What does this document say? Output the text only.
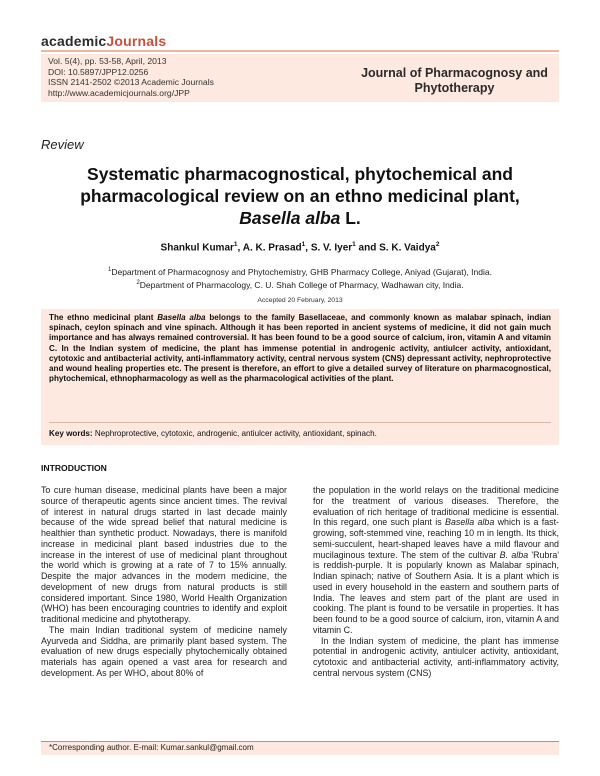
academicJournals
Vol. 5(4), pp. 53-58, April, 2013
DOI: 10.5897/JPP12.0256
ISSN 2141-2502 ©2013 Academic Journals
http://www.academicjournals.org/JPP
Journal of Pharmacognosy and Phytotherapy
Review
Systematic pharmacognostical, phytochemical and
pharmacological review on an ethno medicinal plant,
Basella alba L.
Shankul Kumar$^1$, A. K. Prasad$^1$, S. V. Iyer$^1$ and S. K. Vaidya$^2$
$^1$Department of Pharmacognosy and Phytochemistry, GHB Pharmacy College, Aniyad (Gujarat), India.
$^2$Department of Pharmacology, C. U. Shah College of Pharmacy, Wadhawan city, India.
Accepted 20 February, 2013
The ethno medicinal plant Basella alba belongs to the family Basellaceae, and commonly known as malabar spinach, indian spinach, ceylon spinach and vine spinach. Although it has been reported in ancient systems of medicine, it did not gain much importance and has always remained controversial. It has been found to be a good source of calcium, iron, vitamin A and vitamin C. In the Indian system of medicine, the plant has immense potential in androgenic activity, antiulcer activity, antioxidant, cytotoxic and antibacterial activity, anti-inflammatory activity, central nervous system (CNS) depressant activity, nephroprotective and wound healing properties etc. The present is therefore, an effort to give a detailed survey of literature on pharmacognostical, phytochemical, ethnopharmacology as well as the pharmacological activities of the plant.
Key words: Nephroprotective, cytotoxic, androgenic, antiulcer activity, antioxidant, spinach.
INTRODUCTION

To cure human disease, medicinal plants have been a major source of therapeutic agents since ancient times. The revival of interest in natural drugs started in last decade mainly because of the wide spread belief that natural medicine is healthier than synthetic product. Nowadays, there is manifold increase in medicinal plant based industries due to the increase in the interest of use of medicinal plant throughout the world which is growing at a rate of 7 to 15% annually. Despite the major advances in the modern medicine, the development of new drugs from natural products is still considered important. Since 1980, World Health Organization (WHO) has been encouraging countries to identify and exploit traditional medicine and phytotherapy.

The main Indian traditional system of medicine namely Ayurveda and Siddha, are primarily plant based system. The evaluation of new drugs especially phytochemically obtained materials has again opened a vast area for research and development. As per WHO, about 80% of

the population in the world relays on the traditional medicine for the treatment of various diseases. Therefore, the evaluation of rich heritage of traditional medicine is essential. In this regard, one such plant is Basella alba which is a fast-growing, soft-stemmed vine, reaching 10 m in length. Its thick, semi-succulent, heart-shaped leaves have a mild flavour and mucilaginous texture. The stem of the cultivar B. alba 'Rubra' is reddish-purple. It is popularly known as Malabar spinach, Indian spinach; native of Southern Asia. It is a plant which is used in every household in the eastern and southern parts of India. The leaves and stem part of the plant are used in cooking. The plant is found to be versatile in properties. It has been found to be a good source of calcium, iron, vitamin A and vitamin C.

In the Indian system of medicine, the plant has immense potential in androgenic activity, antiulcer activity, antioxidant, cytotoxic and antibacterial activity, anti-inflammatory activity, central nervous system (CNS)

*Corresponding author. E-mail: Kumar.sankul@gmail.com
